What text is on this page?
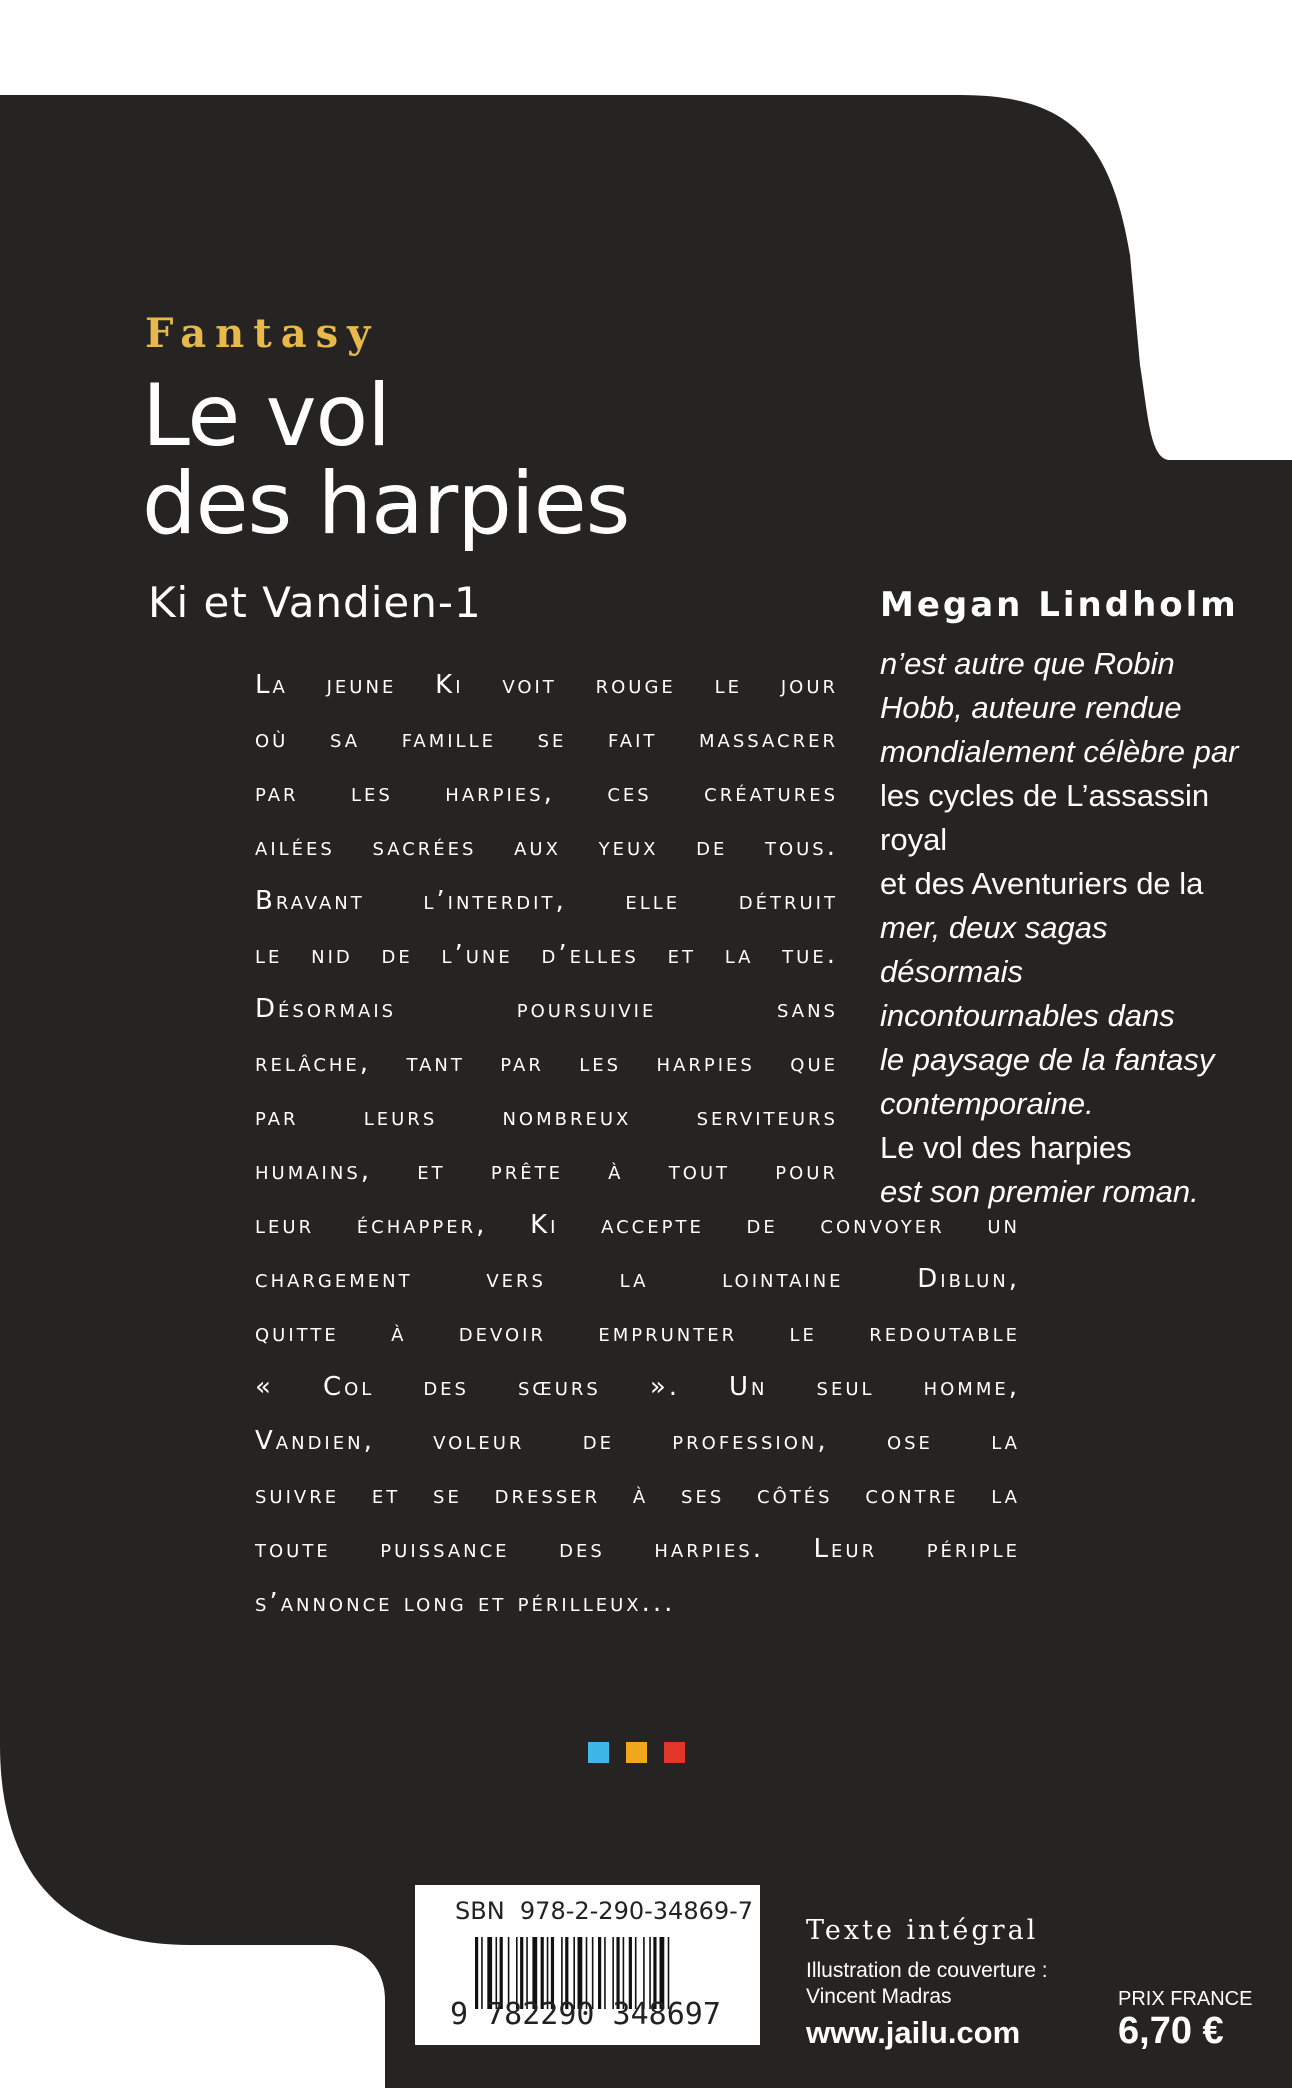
Fantasy
Le vol
des harpies
Ki et Vandien-1
La jeune Ki voit rouge le jour
où sa famille se fait massacrer
par les harpies, ces créatures
ailées sacrées aux yeux de tous.
Bravant l’interdit, elle détruit
le nid de l’une d’elles et la tue.
Désormais poursuivie sans
relâche, tant par les harpies que
par leurs nombreux serviteurs
humains, et prête à tout pour
leur échapper, Ki accepte de convoyer un
chargement vers la lointaine Diblun,
quitte à devoir emprunter le redoutable
« Col des sœurs ». Un seul homme,
Vandien, voleur de profession, ose la
suivre et se dresser à ses côtés contre la
toute puissance des harpies. Leur périple
s’annonce long et périlleux...
Megan Lindholm
n’est autre que Robin
Hobb, auteure rendue
mondialement célèbre par
les cycles de L’assassin royal
et des Aventuriers de la
mer, deux sagas désormais
incontournables dans
le paysage de la fantasy
contemporaine.
Le vol des harpies
est son premier roman.
SBN  978-2-290-34869-7
9 782290 348697
Texte intégral
Illustration de couverture :
Vincent Madras
www.jailu.com
PRIX FRANCE
6,70 €
